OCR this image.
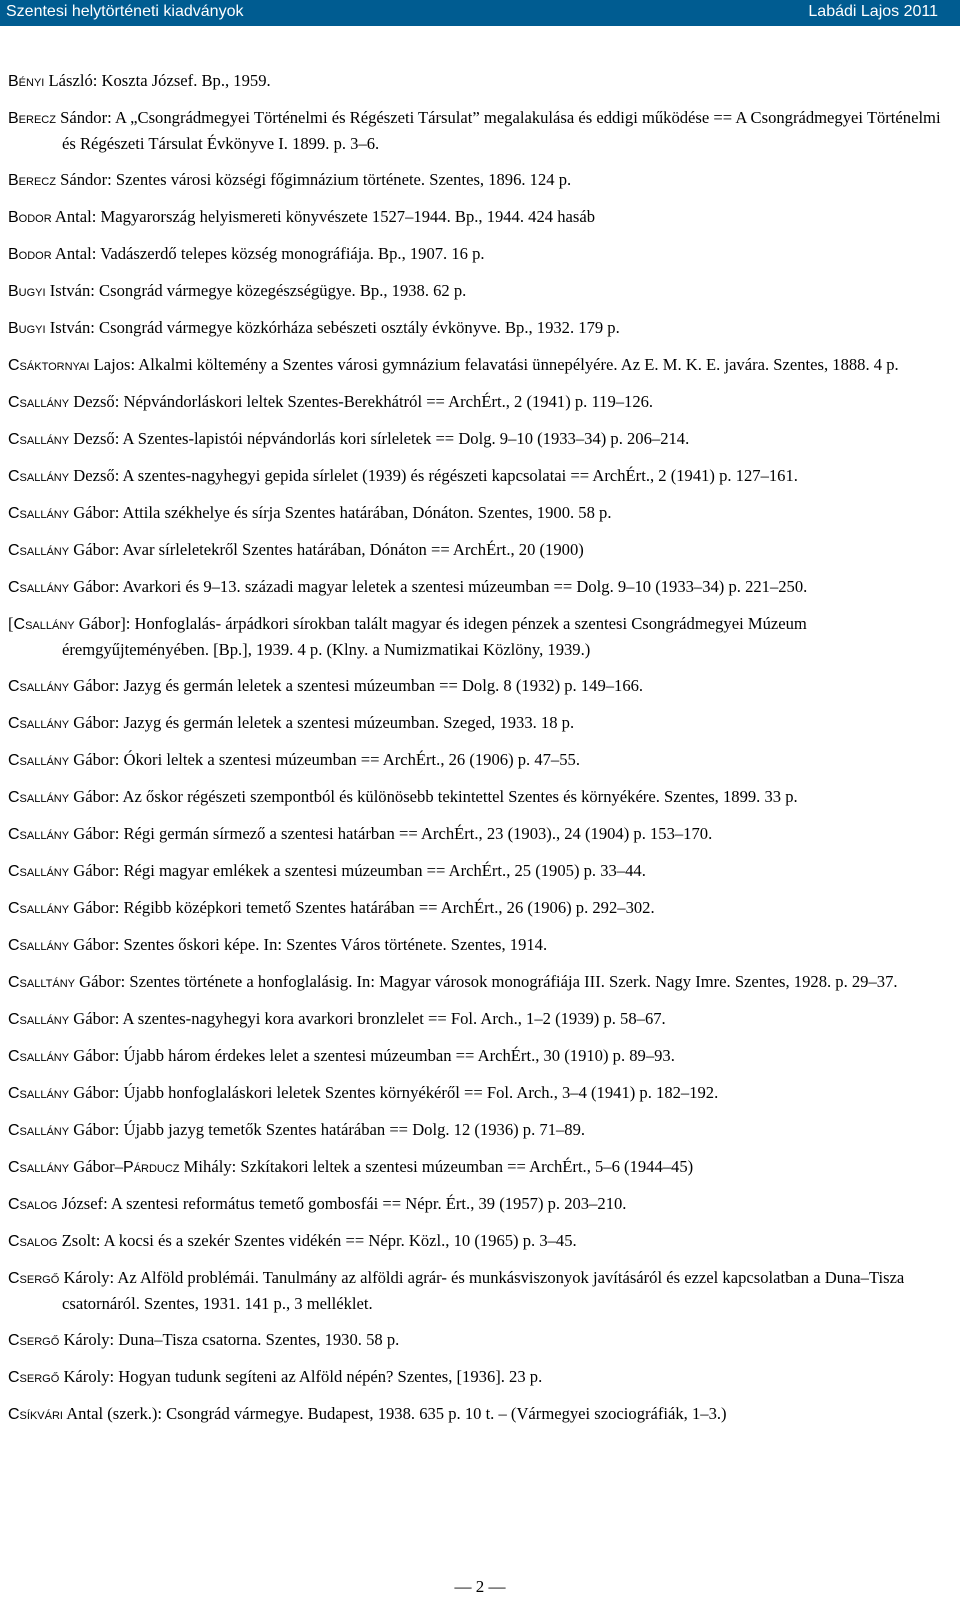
Szentesi helytörténeti kiadványok	Labádi Lajos 2011

Bényi László: Koszta József. Bp., 1959.

Berecz Sándor: A „Csongrádmegyei Történelmi és Régészeti Társulat” megalakulása és eddigi működése == A Csongrádmegyei Történelmi és Régészeti Társulat Évkönyve I. 1899. p. 3–6.

Berecz Sándor: Szentes városi községi főgimnázium története. Szentes, 1896. 124 p.

Bodor Antal: Magyarország helyismereti könyvészete 1527–1944. Bp., 1944. 424 hasáb

Bodor Antal: Vadászerdő telepes község monográfiája. Bp., 1907. 16 p.

Bugyi István: Csongrád vármegye közegészségügye. Bp., 1938. 62 p.

Bugyi István: Csongrád vármegye közkórháza sebészeti osztály évkönyve. Bp., 1932. 179 p.

Csáktornyai Lajos: Alkalmi költemény a Szentes városi gymnázium felavatási ünnepélyére. Az E. M. K. E. javára. Szentes, 1888. 4 p.

Csallány Dezső: Népvándorláskori leltek Szentes-Berekhátról == ArchÉrt., 2 (1941) p. 119–126.

Csallány Dezső: A Szentes-lapistói népvándorlás kori sírleletek == Dolg. 9–10 (1933–34) p. 206–214.

Csallány Dezső: A szentes-nagyhegyi gepida sírlelet (1939) és régészeti kapcsolatai == ArchÉrt., 2 (1941) p. 127–161.

Csallány Gábor: Attila székhelye és sírja Szentes határában, Dónáton. Szentes, 1900. 58 p.

Csallány Gábor: Avar sírleletekről Szentes határában, Dónáton == ArchÉrt., 20 (1900)

Csallány Gábor: Avarkori és 9–13. századi magyar leletek a szentesi múzeumban == Dolg. 9–10 (1933–34) p. 221–250.

[Csallány Gábor]: Honfoglalás- árpádkori sírokban talált magyar és idegen pénzek a szentesi Csongrádmegyei Múzeum éremgyűjteményében. [Bp.], 1939. 4 p. (Klny. a Numizmatikai Közlöny, 1939.)

Csallány Gábor: Jazyg és germán leletek a szentesi múzeumban == Dolg. 8 (1932) p. 149–166.

Csallány Gábor: Jazyg és germán leletek a szentesi múzeumban. Szeged, 1933. 18 p.

Csallány Gábor: Ókori leltek a szentesi múzeumban == ArchÉrt., 26 (1906) p. 47–55.

Csallány Gábor: Az őskor régészeti szempontból és különösebb tekintettel Szentes és környékére. Szentes, 1899. 33 p.

Csallány Gábor: Régi germán sírmező a szentesi határban == ArchÉrt., 23 (1903)., 24 (1904) p. 153–170.

Csallány Gábor: Régi magyar emlékek a szentesi múzeumban == ArchÉrt., 25 (1905) p. 33–44.

Csallány Gábor: Régibb középkori temető Szentes határában == ArchÉrt., 26 (1906) p. 292–302.

Csallány Gábor: Szentes őskori képe. In: Szentes Város története. Szentes, 1914.

Csalltány Gábor: Szentes története a honfoglalásig. In: Magyar városok monográfiája III. Szerk. Nagy Imre. Szentes, 1928. p. 29–37.

Csallány Gábor: A szentes-nagyhegyi kora avarkori bronzlelet == Fol. Arch., 1–2 (1939) p. 58–67.

Csallány Gábor: Újabb három érdekes lelet a szentesi múzeumban == ArchÉrt., 30 (1910) p. 89–93.

Csallány Gábor: Újabb honfoglaláskori leletek Szentes környékéről == Fol. Arch., 3–4 (1941) p. 182–192.

Csallány Gábor: Újabb jazyg temetők Szentes határában == Dolg. 12 (1936) p. 71–89.

Csallány Gábor–Párducz Mihály: Szkítakori leltek a szentesi múzeumban == ArchÉrt., 5–6 (1944–45)

Csalog József: A szentesi református temető gombosfái == Népr. Ért., 39 (1957) p. 203–210.

Csalog Zsolt: A kocsi és a szekér Szentes vidékén == Népr. Közl., 10 (1965) p. 3–45.

Csergő Károly: Az Alföld problémái. Tanulmány az alföldi agrár- és munkásviszonyok javításáról és ezzel kapcsolatban a Duna–Tisza csatornáról. Szentes, 1931. 141 p., 3 melléklet.

Csergő Károly: Duna–Tisza csatorna. Szentes, 1930. 58 p.

Csergő Károly: Hogyan tudunk segíteni az Alföld népén? Szentes, [1936]. 23 p.

Csíkvári Antal (szerk.): Csongrád vármegye. Budapest, 1938. 635 p. 10 t. – (Vármegyei szociográfiák, 1–3.)

— 2 —
